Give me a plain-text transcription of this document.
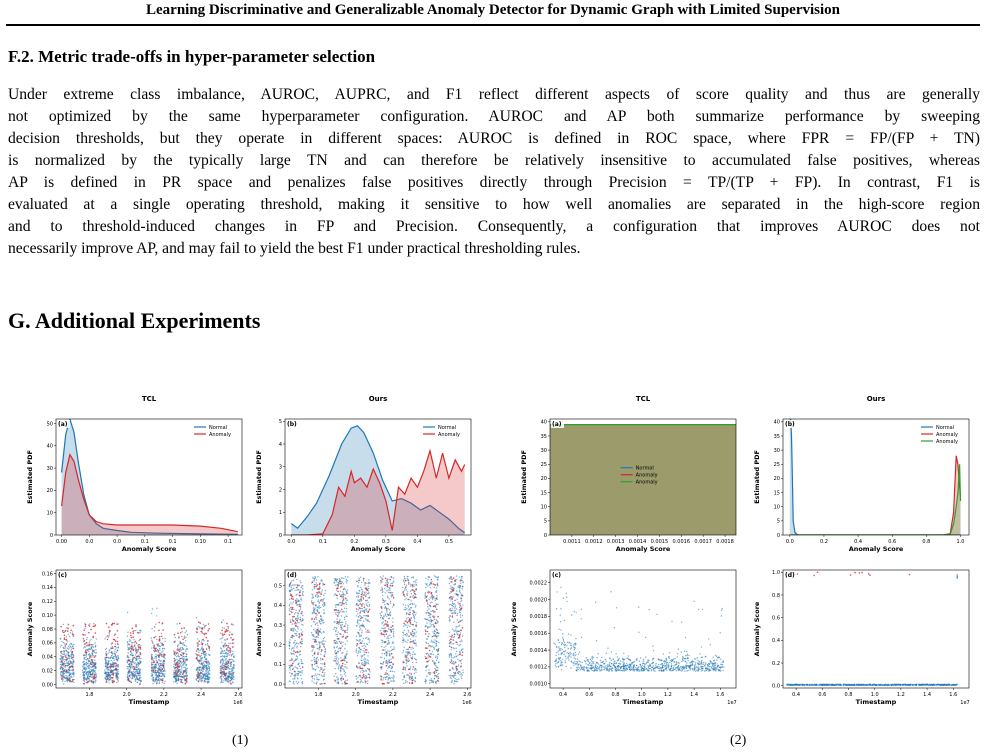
Learning Discriminative and Generalizable Anomaly Detector for Dynamic Graph with Limited Supervision
F.2. Metric trade-offs in hyper-parameter selection
Under extreme class imbalance, AUROC, AUPRC, and F1 reflect different aspects of score quality and thus are generally
not optimized by the same hyperparameter configuration. AUROC and AP both summarize performance by sweeping
decision thresholds, but they operate in different spaces: AUROC is defined in ROC space, where FPR = FP/(FP + TN)
is normalized by the typically large TN and can therefore be relatively insensitive to accumulated false positives, whereas
AP is defined in PR space and penalizes false positives directly through Precision = TP/(TP + FP). In contrast, F1 is
evaluated at a single operating threshold, making it sensitive to how well anomalies are separated in the high-score region
and to threshold-induced changes in FP and Precision. Consequently, a configuration that improves AUROC does not
necessarily improve AP, and may fail to yield the best F1 under practical thresholding rules.
G. Additional Experiments
TCL
Normal
Anomaly
0.00	0.0	0.0	0.1	0.1	0.10	0.1
0
10
20
30
40
50
Anomaly Score
Estimated PDF
(a)
Ours
Normal
Anomaly
0.0	0.1	0.2	0.3	0.4	0.5
0
1
2
3
4
5
Anomaly Score
Estimated PDF
(b)
1e6
1.8	2.0	2.2	2.4	2.6
0.00
0.02
0.04
0.06
0.08
0.10
0.12
0.14
0.16
Timestamp
Anomaly Score
(c)
1e6
1.8	2.0	2.2	2.4	2.6
0.0
0.1
0.2
0.3
0.4
0.5
Timestamp
Anomaly Score
(d)
TCL
Normal
Anomaly
Anomaly
0.0011 0.0012 0.0013 0.0014 0.0015 0.0016 0.0017 0.0018
0
5
10
15
20
25
30
35
40
Anomaly Score
Estimated PDF
(a)
Ours
Normal
Anomaly
Anomaly
0.0	0.2	0.4	0.6	0.8	1.0
0
5
10
15
20
25
30
35
40
Anomaly Score
Estimated PDF
(b)
1e7
0.4	0.6	0.8	1.0	1.2	1.4	1.6
0.0010
0.0012
0.0014
0.0016
0.0018
0.0020
0.0022
Timestamp
Anomaly Score
(c)
1e7
0.4	0.6	0.8	1.0	1.2	1.4	1.6
0.0
0.2
0.4
0.6
0.8
1.0
Timestamp
Anomaly Score
(d)
(1)	(2)
